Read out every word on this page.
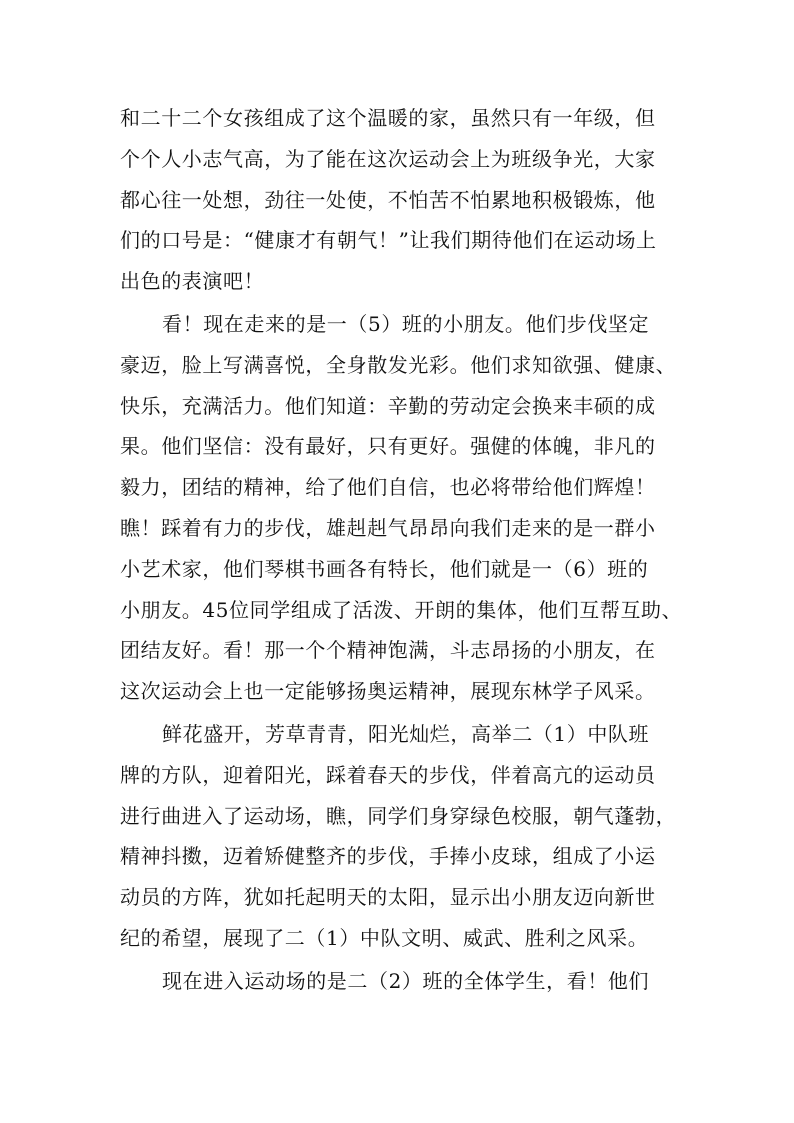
和二十二个女孩组成了这个温暖的家，虽然只有一年级，但
个个人小志气高，为了能在这次运动会上为班级争光，大家
都心往一处想，劲往一处使，不怕苦不怕累地积极锻炼，他
们的口号是：“健康才有朝气！”让我们期待他们在运动场上
出色的表演吧！
看！现在走来的是一（5）班的小朋友。他们步伐坚定
豪迈，脸上写满喜悦，全身散发光彩。他们求知欲强、健康、
快乐，充满活力。他们知道：辛勤的劳动定会换来丰硕的成
果。他们坚信：没有最好，只有更好。强健的体魄，非凡的
毅力，团结的精神，给了他们自信，也必将带给他们辉煌！
瞧！踩着有力的步伐，雄赳赳气昂昂向我们走来的是一群小
小艺术家，他们琴棋书画各有特长，他们就是一（6）班的
小朋友。45位同学组成了活泼、开朗的集体，他们互帮互助、
团结友好。看！那一个个精神饱满，斗志昂扬的小朋友，在
这次运动会上也一定能够扬奥运精神，展现东林学子风采。
鲜花盛开，芳草青青，阳光灿烂，高举二（1）中队班
牌的方队，迎着阳光，踩着春天的步伐，伴着高亢的运动员
进行曲进入了运动场，瞧，同学们身穿绿色校服，朝气蓬勃，
精神抖擞，迈着矫健整齐的步伐，手捧小皮球，组成了小运
动员的方阵，犹如托起明天的太阳，显示出小朋友迈向新世
纪的希望，展现了二（1）中队文明、威武、胜利之风采。
现在进入运动场的是二（2）班的全体学生，看！他们
